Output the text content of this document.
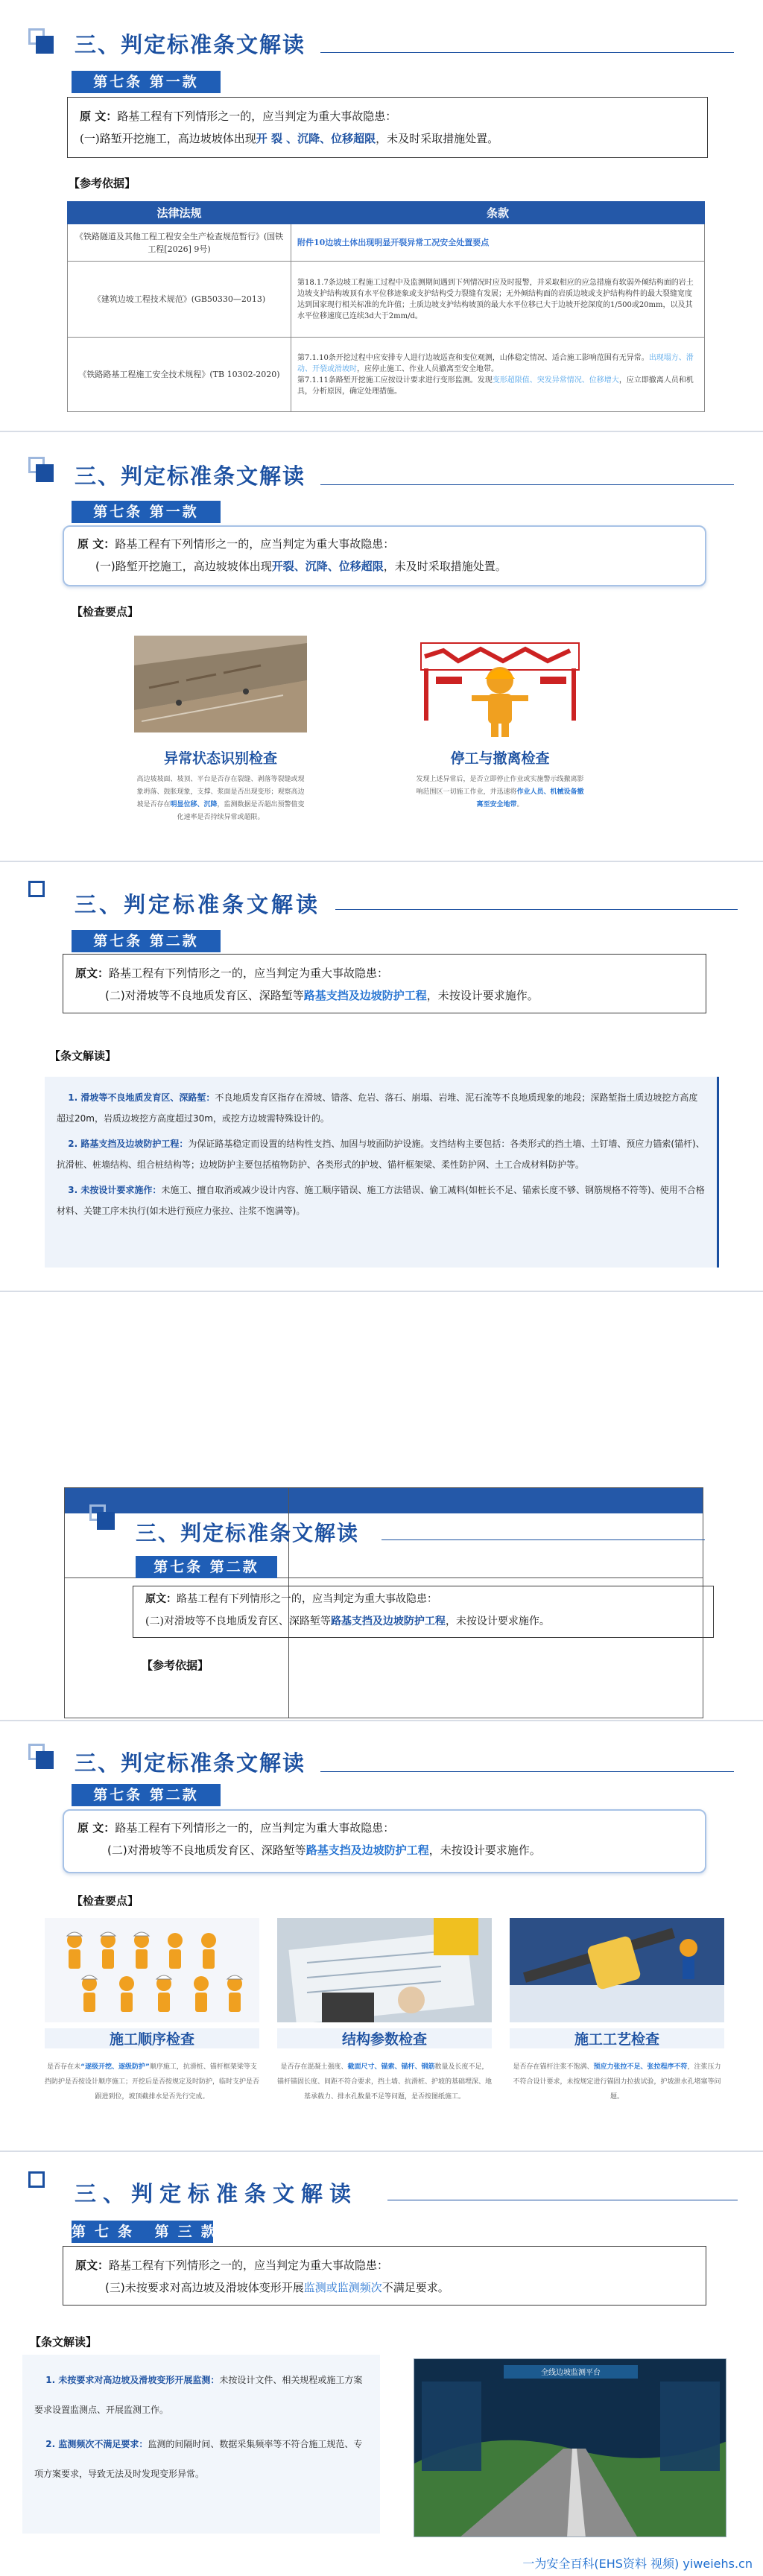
三、判定标准条文解读
第七条 第一款
原 文：路基工程有下列情形之一的，应当判定为重大事故隐患：
(一)路堑开挖施工，高边坡坡体出现开 裂 、沉降、位移超限，未及时采取措施处置。
【参考依据】
法律法规	条款
《铁路隧道及其他工程工程安全生产检查规范暂行》(国铁工程[2026] 9号)	附件10边坡土体出现明显开裂异常工况安全处置要点
《建筑边坡工程技术规范》(GB50330—2013)	第18.1.7条边坡工程施工过程中及监测期间遇到下列情况时应及时报警，并采取相应的应急措施有软弱外倾结构面的岩土边坡支护结构坡顶有水平位移迹象或支护结构受力裂缝有发展；无外倾结构面的岩质边坡或支护结构构件的最大裂缝宽度达到国家现行相关标准的允许值；土质边坡支护结构坡顶的最大水平位移已大于边坡开挖深度的1/500或20mm，以及其水平位移速度已连续3d大于2mm/d。
《铁路路基工程施工安全技术规程》(TB 10302-2020)	第7.1.10条开挖过程中应安排专人进行边坡巡查和变位观测，山体稳定情况、适合施工影响范围有无异常。出现塌方、滑动、开裂或滑坡时，应停止施工、作业人员撤离至安全地带。
第7.1.11条路堑开挖施工应按设计要求进行变形监测。发现变形超限值、突发异常情况、位移增大，应立即撤离人员和机具，分析原因，确定处理措施。
三、判定标准条文解读
第七条 第一款
原 文：路基工程有下列情形之一的，应当判定为重大事故隐患：
(一)路堑开挖施工，高边坡坡体出现开裂、沉降、位移超限，未及时采取措施处置。
【检查要点】
异常状态识别检查
高边坡坡面、坡顶、平台是否存在裂缝、剥落等裂缝或现象坍落、鼓胀现象，支撑、浆面是否出现变形；观察高边坡是否存在明显位移、沉降，监测数据是否超出预警值变化速率是否持续异常或超限。
停工与撤离检查
发现上述异常后，是否立即停止作业或实施警示线撤离影响范围区一切施工作业，并迅速将作业人员、机械设备撤离至安全地带。
三、判定标准条文解读
第七条 第二款
原文：路基工程有下列情形之一的，应当判定为重大事故隐患：
(二)对滑坡等不良地质发育区、深路堑等路基支挡及边坡防护工程，未按设计要求施作。
【条文解读】

1. 滑坡等不良地质发育区、深路堑：不良地质发育区指存在滑坡、错落、危岩、落石、崩塌、岩堆、泥石流等不良地质现象的地段；深路堑指土质边坡挖方高度超过20m，岩质边坡挖方高度超过30m，或挖方边坡需特殊设计的。

2. 路基支挡及边坡防护工程：为保证路基稳定而设置的结构性支挡、加固与坡面防护设施。支挡结构主要包括：各类形式的挡土墙、土钉墙、预应力锚索(锚杆)、抗滑桩、桩墙结构、组合桩结构等；边坡防护主要包括植物防护、各类形式的护坡、锚杆框架梁、柔性防护网、土工合成材料防护等。

3. 未按设计要求施作：未施工、擅自取消或减少设计内容、施工顺序错误、施工方法错误、偷工减料(如桩长不足、锚索长度不够、钢筋规格不符等)、使用不合格材料、关键工序未执行(如未进行预应力张拉、注浆不饱满等)。

三、判定标准条文解读
第七条 第二款
原文：路基工程有下列情形之一的，应当判定为重大事故隐患：
(二)对滑坡等不良地质发育区、深路堑等路基支挡及边坡防护工程，未按设计要求施作。
【参考依据】
三、判定标准条文解读
第七条 第二款
原 文：路基工程有下列情形之一的，应当判定为重大事故隐患：
(二)对滑坡等不良地质发育区、深路堑等路基支挡及边坡防护工程，未按设计要求施作。
【检查要点】
施工顺序检查
是否存在未“逐级开挖、逐级防护”顺序施工，抗滑桩、锚杆框架梁等支挡防护是否按设计顺序施工；开挖后是否按规定及时防护，临时支护是否跟进到位，坡顶截排水是否先行完成。
结构参数检查
是否存在混凝土强度、截面尺寸、锚索、锚杆、钢筋数量及长度不足，锚杆锚固长度、间距不符合要求，挡土墙、抗滑桩、护坡的基础埋深、地基承载力、排水孔数量不足等问题，是否按图纸施工。
施工工艺检查
是否存在锚杆注浆不饱满、预应力张拉不足、张拉程序不符，注浆压力不符合设计要求，未按规定进行锚固力拉拔试验，护坡泄水孔堵塞等问题。
三、判定标准条文解读
第七条 第三款
原文：路基工程有下列情形之一的，应当判定为重大事故隐患：
(三)未按要求对高边坡及滑坡体变形开展监测或监测频次不满足要求。
【条文解读】

1. 未按要求对高边坡及滑坡变形开展监测：未按设计文件、相关规程或施工方案要求设置监测点、开展监测工作。

2. 监测频次不满足要求：监测的间隔时间、数据采集频率等不符合施工规范、专项方案要求，导致无法及时发现变形异常。

全线边坡监测平台
一为安全百科(EHS资料 视频) yiweiehs.cn
